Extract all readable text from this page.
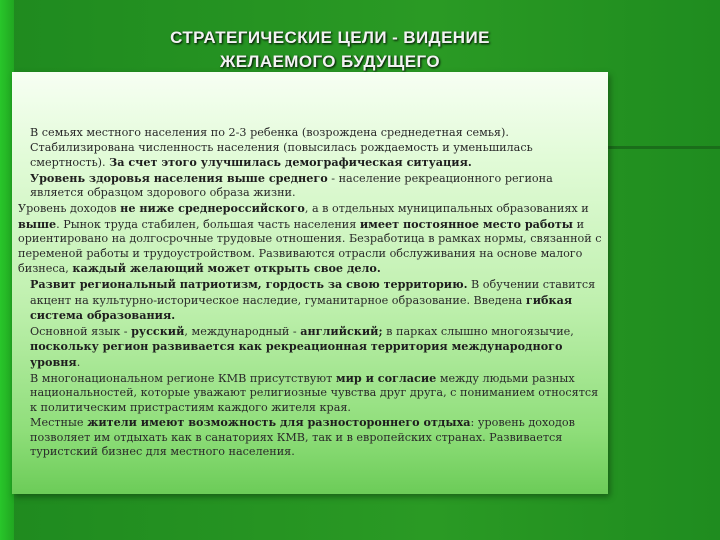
СТРАТЕГИЧЕСКИЕ ЦЕЛИ - ВИДЕНИЕ
ЖЕЛАЕМОГО БУДУЩЕГО

В семьях местного населения по 2-3 ребенка (возрождена среднедетная семья). Стабилизирована численность населения (повысилась рождаемость и уменьшилась смертность). За счет этого улучшилась демографическая ситуация.

Уровень здоровья населения выше среднего - население рекреационного региона является образцом здорового образа жизни.

Уровень доходов не ниже среднероссийского, а в отдельных муниципальных образованиях и выше. Рынок труда стабилен, большая часть населения имеет постоянное место работы и ориентировано на долгосрочные трудовые отношения. Безработица в рамках нормы, связанной с переменой работы и трудоустройством. Развиваются отрасли обслуживания на основе малого бизнеса, каждый желающий может открыть свое дело.

Развит региональный патриотизм, гордость за свою территорию. В обучении ставится акцент на культурно-историческое наследие, гуманитарное образование. Введена гибкая система образования.

Основной язык - русский, международный - английский; в парках слышно многоязычие, поскольку регион развивается как рекреационная территория международного уровня.

В многонациональном регионе КМВ присутствуют мир и согласие между людьми разных национальностей, которые уважают религиозные чувства друг друга, с пониманием относятся к политическим пристрастиям каждого жителя края.

Местные жители имеют возможность для разностороннего отдыха: уровень доходов позволяет им отдыхать как в санаториях КМВ, так и в европейских странах. Развивается туристский бизнес для местного населения.
